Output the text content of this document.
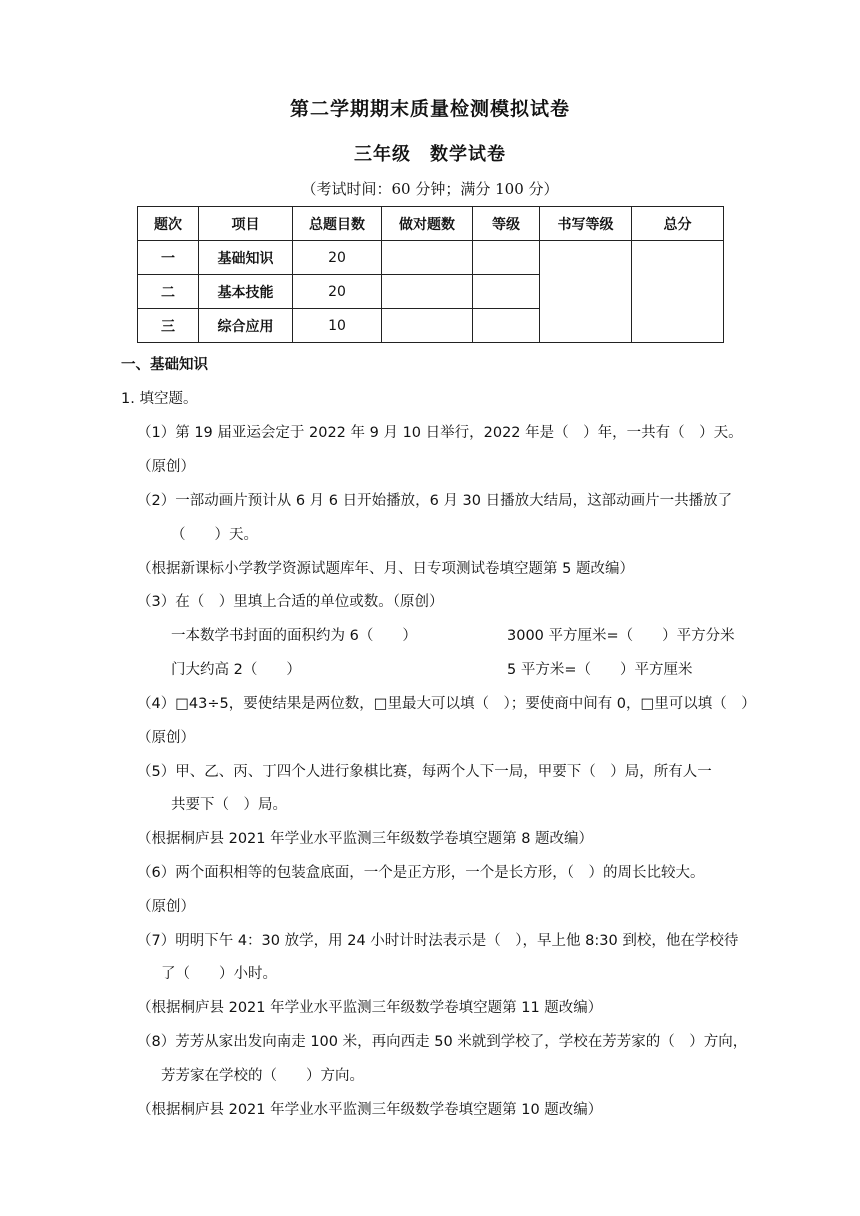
第二学期期末质量检测模拟试卷
三年级　数学试卷
（考试时间：60 分钟；满分 100 分）
题次	项目	总题目数	做对题数	等级	书写等级	总分
一	基础知识	20				
二	基本技能	20				
三	综合应用	10				
一、基础知识
1. 填空题。
（1）第 19 届亚运会定于 2022 年 9 月 10 日举行，2022 年是（　）年，一共有（　）天。
（原创）
（2）一部动画片预计从 6 月 6 日开始播放，6 月 30 日播放大结局，这部动画片一共播放了
（　　）天。
（根据新课标小学教学资源试题库年、月、日专项测试卷填空题第 5 题改编）
（3）在（　）里填上合适的单位或数。（原创）
一本数学书封面的面积约为 6（　　）	3000 平方厘米=（　　）平方分米
门大约高 2（　　）	5 平方米=（　　）平方厘米
（4）□43÷5，要使结果是两位数，□里最大可以填（　）；要使商中间有 0，□里可以填（　）
（原创）
（5）甲、乙、丙、丁四个人进行象棋比赛，每两个人下一局，甲要下（　）局，所有人一
共要下（　）局。
（根据桐庐县 2021 年学业水平监测三年级数学卷填空题第 8 题改编）
（6）两个面积相等的包装盒底面，一个是正方形，一个是长方形，（　）的周长比较大。
（原创）
（7）明明下午 4：30 放学，用 24 小时计时法表示是（　），早上他 8:30 到校，他在学校待
了（　　）小时。
（根据桐庐县 2021 年学业水平监测三年级数学卷填空题第 11 题改编）
（8）芳芳从家出发向南走 100 米，再向西走 50 米就到学校了，学校在芳芳家的（　）方向，
芳芳家在学校的（　　）方向。
（根据桐庐县 2021 年学业水平监测三年级数学卷填空题第 10 题改编）
